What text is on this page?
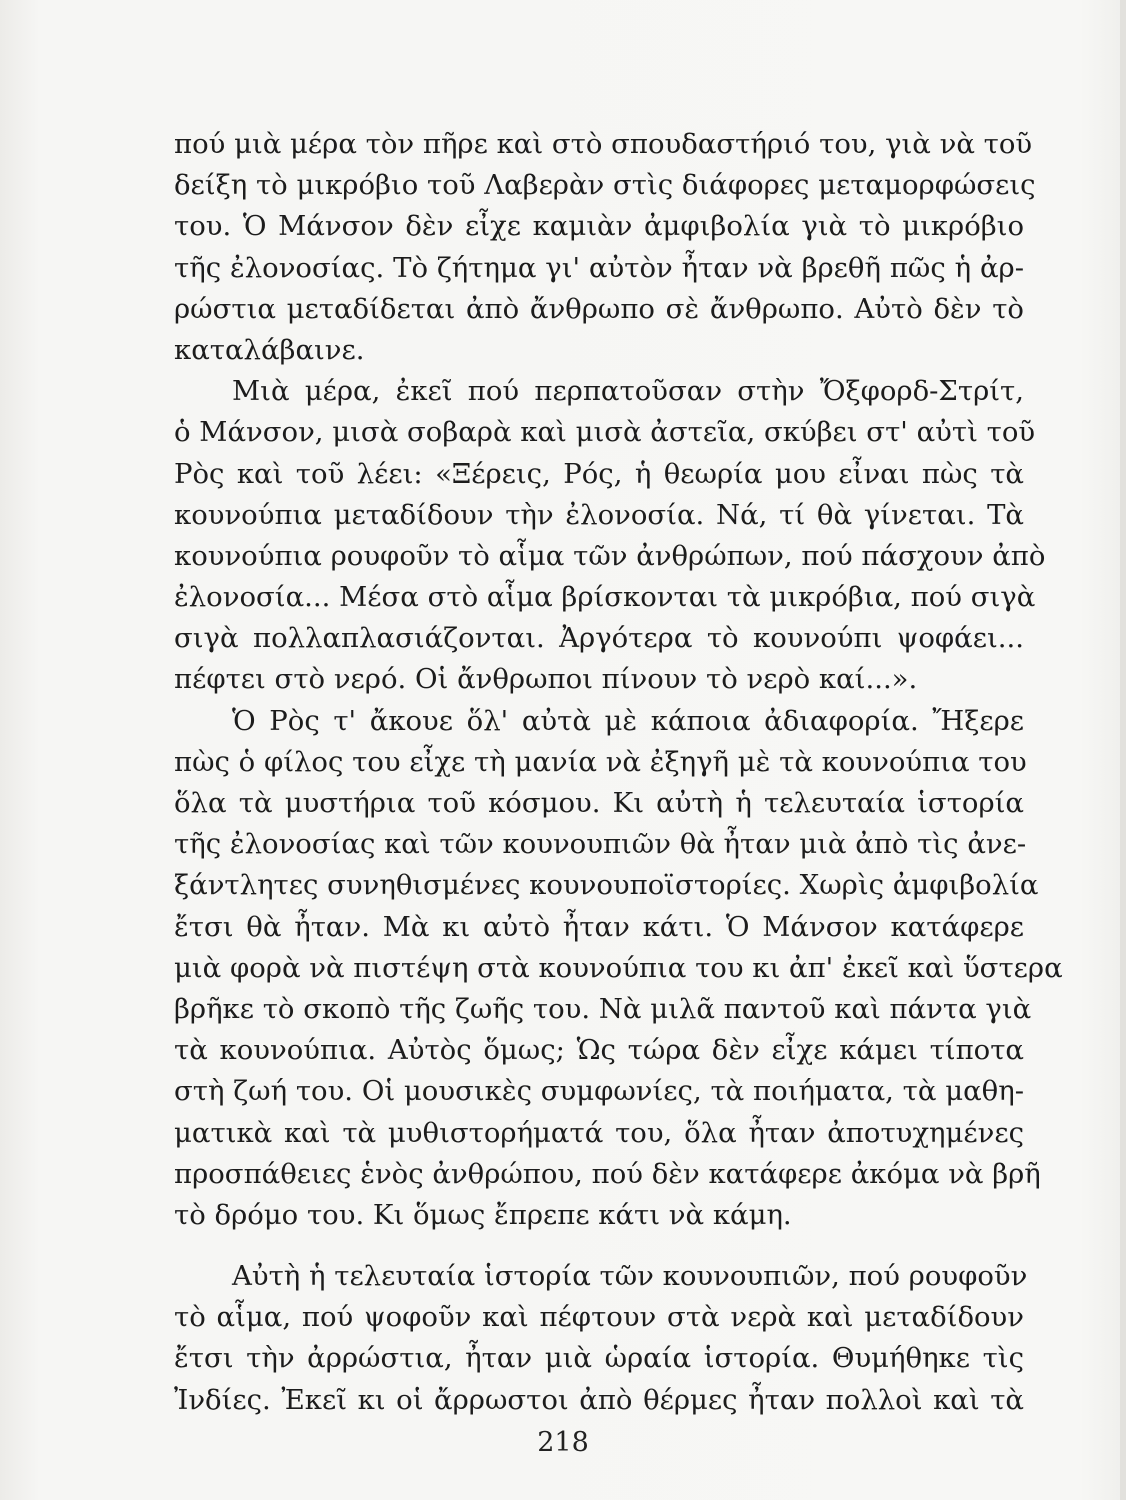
πού μιὰ μέρα τὸν πῆρε καὶ στὸ σπουδαστήριό του, γιὰ νὰ τοῦ
δείξη τὸ μικρόβιο τοῦ Λαβερὰν στὶς διάφορες μεταμορφώσεις
του. Ὁ Μάνσον δὲν εἶχε καμιὰν ἀμφιβολία γιὰ τὸ μικρόβιο
τῆς ἐλονοσίας. Τὸ ζήτημα γι' αὐτὸν ἦταν νὰ βρεθῆ πῶς ἡ ἀρ-
ρώστια μεταδίδεται ἀπὸ ἄνθρωπο σὲ ἄνθρωπο. Αὐτὸ δὲν τὸ
καταλάβαινε.
Μιὰ μέρα, ἐκεῖ πού περπατοῦσαν στὴν Ὄξφορδ-Στρίτ,
ὁ Μάνσον, μισὰ σοβαρὰ καὶ μισὰ ἀστεῖα, σκύβει στ' αὐτὶ τοῦ
Ρὸς καὶ τοῦ λέει: «Ξέρεις, Ρός, ἡ θεωρία μου εἶναι πὼς τὰ
κουνούπια μεταδίδουν τὴν ἐλονοσία. Νά, τί θὰ γίνεται. Τὰ
κουνούπια ρουφοῦν τὸ αἷμα τῶν ἀνθρώπων, πού πάσχουν ἀπὸ
ἐλονοσία... Μέσα στὸ αἷμα βρίσκονται τὰ μικρόβια, πού σιγὰ
σιγὰ πολλαπλασιάζονται. Ἀργότερα τὸ κουνούπι ψοφάει...
πέφτει στὸ νερό. Οἱ ἄνθρωποι πίνουν τὸ νερὸ καί...».
Ὁ Ρὸς τ' ἄκουε ὅλ' αὐτὰ μὲ κάποια ἀδιαφορία. Ἤξερε
πὼς ὁ φίλος του εἶχε τὴ μανία νὰ ἐξηγῆ μὲ τὰ κουνούπια του
ὅλα τὰ μυστήρια τοῦ κόσμου. Κι αὐτὴ ἡ τελευταία ἱστορία
τῆς ἐλονοσίας καὶ τῶν κουνουπιῶν θὰ ἦταν μιὰ ἀπὸ τὶς ἀνε-
ξάντλητες συνηθισμένες κουνουποϊστορίες. Χωρὶς ἀμφιβολία
ἔτσι θὰ ἦταν. Μὰ κι αὐτὸ ἦταν κάτι. Ὁ Μάνσον κατάφερε
μιὰ φορὰ νὰ πιστέψη στὰ κουνούπια του κι ἀπ' ἐκεῖ καὶ ὕστερα
βρῆκε τὸ σκοπὸ τῆς ζωῆς του. Νὰ μιλᾶ παντοῦ καὶ πάντα γιὰ
τὰ κουνούπια. Αὐτὸς ὅμως; Ὡς τώρα δὲν εἶχε κάμει τίποτα
στὴ ζωή του. Οἱ μουσικὲς συμφωνίες, τὰ ποιήματα, τὰ μαθη-
ματικὰ καὶ τὰ μυθιστορήματά του, ὅλα ἦταν ἀποτυχημένες
προσπάθειες ἑνὸς ἀνθρώπου, πού δὲν κατάφερε ἀκόμα νὰ βρῆ
τὸ δρόμο του. Κι ὅμως ἔπρεπε κάτι νὰ κάμη.
Αὐτὴ ἡ τελευταία ἱστορία τῶν κουνουπιῶν, πού ρουφοῦν
τὸ αἷμα, πού ψοφοῦν καὶ πέφτουν στὰ νερὰ καὶ μεταδίδουν
ἔτσι τὴν ἀρρώστια, ἦταν μιὰ ὡραία ἱστορία. Θυμήθηκε τὶς
Ἰνδίες. Ἐκεῖ κι οἱ ἄρρωστοι ἀπὸ θέρμες ἦταν πολλοὶ καὶ τὰ
218
